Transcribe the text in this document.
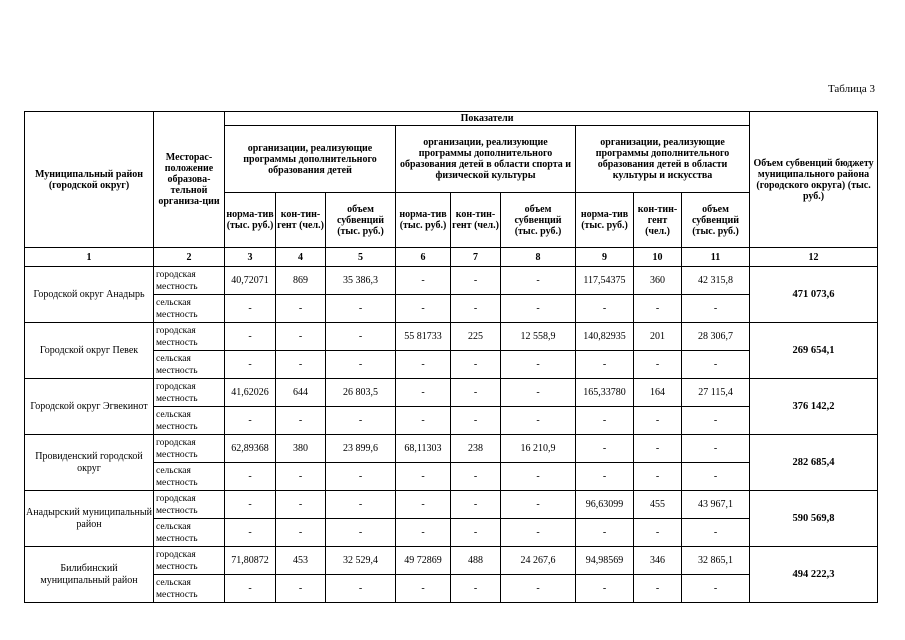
Таблица 3
Муниципальный район (городской округ)	Месторас-положение образова-тельной организа-ции	Показатели									Объем субвенций бюджету муниципального района (городского округа) (тыс. руб.)
		организации, реализующие программы дополнительного образования детей			организации, реализующие программы дополнительного образования детей в области спорта и физической культуры			организации, реализующие программы дополнительного образования детей в области культуры и искусства			
		норма-тив (тыс. руб.)	кон-тин-гент (чел.)	объем субвенций (тыс. руб.)	норма-тив (тыс. руб.)	кон-тин-гент (чел.)	объем субвенций (тыс. руб.)	норма-тив (тыс. руб.)	кон-тин-гент (чел.)	объем субвенций (тыс. руб.)	
1	2	3	4	5	6	7	8	9	10	11	12
Городской округ Анадырь	городская местность	40,72071	869	35 386,3	-	-	-	117,54375	360	42 315,8	471 073,6
	сельская местность	-	-	-	-	-	-	-	-	-	
Городской округ Певек	городская местность	-	-	-	55 81733	225	12 558,9	140,82935	201	28 306,7	269 654,1
	сельская местность	-	-	-	-	-	-	-	-	-	
Городской округ Эгвекинот	городская местность	41,62026	644	26 803,5	-	-	-	165,33780	164	27 115,4	376 142,2
	сельская местность	-	-	-	-	-	-	-	-	-	
Провиденский городской округ	городская местность	62,89368	380	23 899,6	68,11303	238	16 210,9	-	-	-	282 685,4
	сельская местность	-	-	-	-	-	-	-	-	-	
Анадырский муниципальный район	городская местность	-	-	-	-	-	-	96,63099	455	43 967,1	590 569,8
	сельская местность	-	-	-	-	-	-	-	-	-	
Билибинский муниципальный район	городская местность	71,80872	453	32 529,4	49 72869	488	24 267,6	94,98569	346	32 865,1	494 222,3
	сельская местность	-	-	-	-	-	-	-	-	-	
